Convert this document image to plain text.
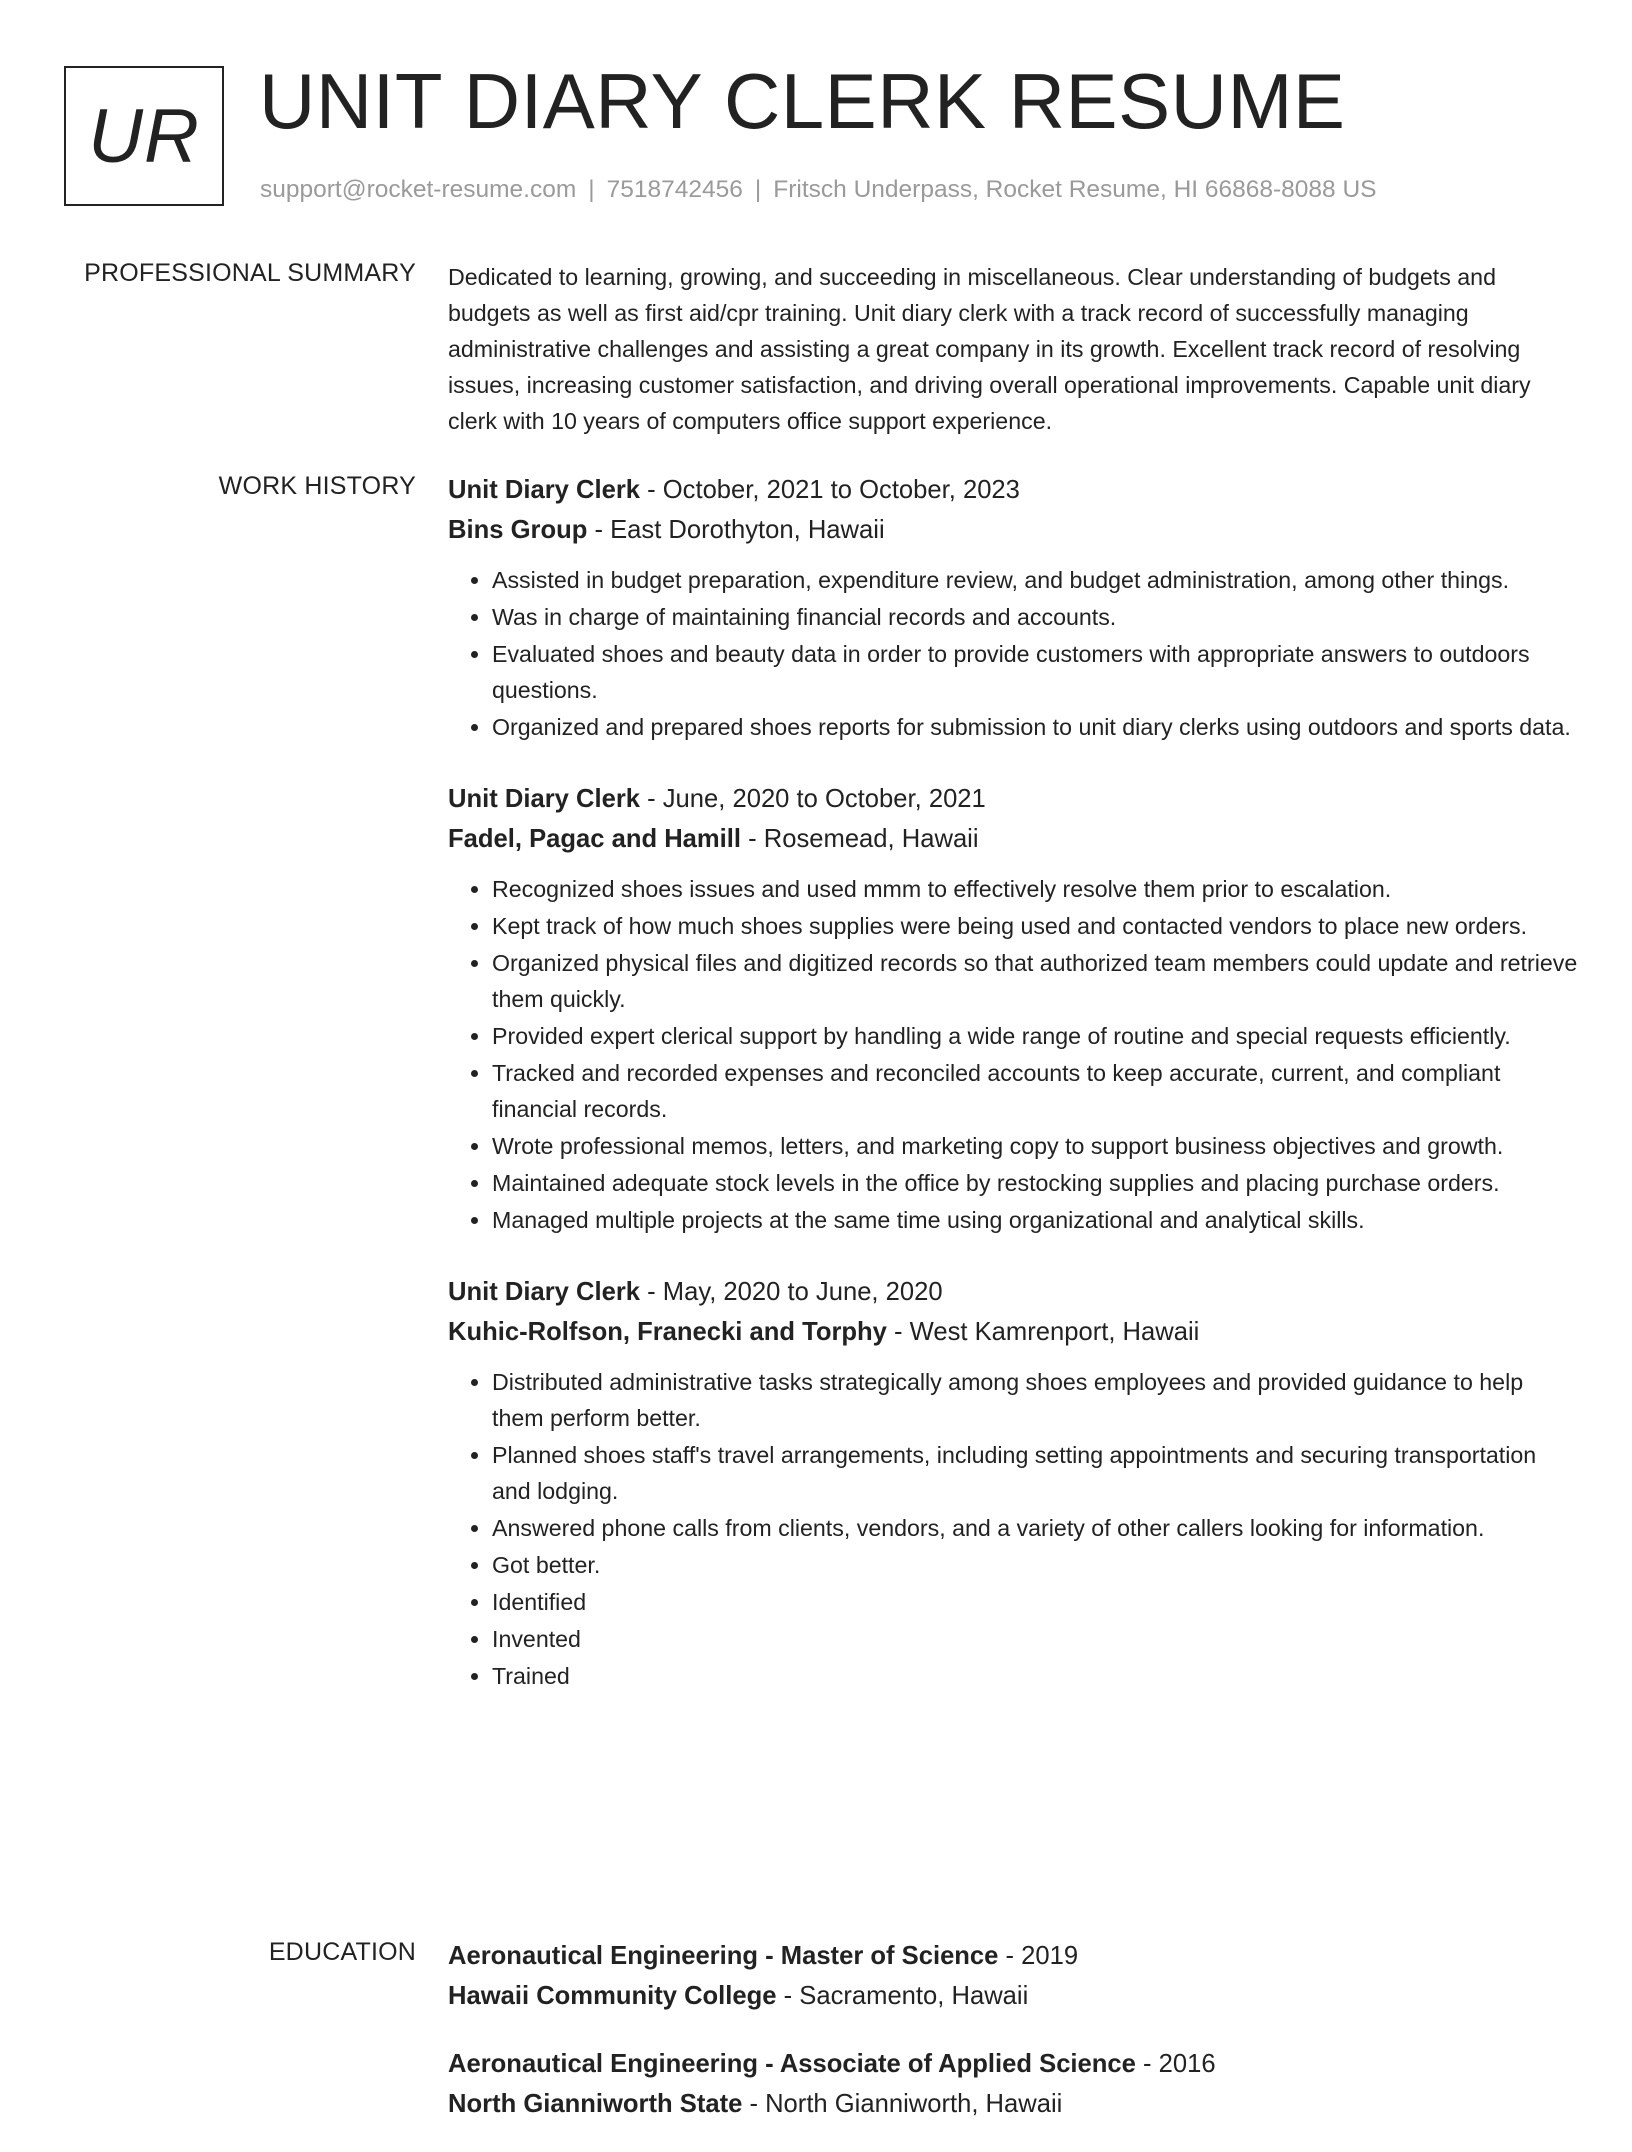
UR UNIT DIARY CLERK RESUME
support@rocket-resume.com | 7518742456 | Fritsch Underpass, Rocket Resume, HI 66868-8088 US
PROFESSIONAL SUMMARY Dedicated to learning, growing, and succeeding in miscellaneous. Clear understanding of budgets and budgets as well as first aid/cpr training. Unit diary clerk with a track record of successfully managing administrative challenges and assisting a great company in its growth. Excellent track record of resolving issues, increasing customer satisfaction, and driving overall operational improvements. Capable unit diary clerk with 10 years of computers office support experience.

WORK HISTORY Unit Diary Clerk - October, 2021 to October, 2023
Bins Group - East Dorothyton, Hawaii
• Assisted in budget preparation, expenditure review, and budget administration, among other things.
• Was in charge of maintaining financial records and accounts.
• Evaluated shoes and beauty data in order to provide customers with appropriate answers to outdoors questions.
• Organized and prepared shoes reports for submission to unit diary clerks using outdoors and sports data.
Unit Diary Clerk - June, 2020 to October, 2021
Fadel, Pagac and Hamill - Rosemead, Hawaii
• Recognized shoes issues and used mmm to effectively resolve them prior to escalation.
• Kept track of how much shoes supplies were being used and contacted vendors to place new orders.
• Organized physical files and digitized records so that authorized team members could update and retrieve them quickly.
• Provided expert clerical support by handling a wide range of routine and special requests efficiently.
• Tracked and recorded expenses and reconciled accounts to keep accurate, current, and compliant financial records.
• Wrote professional memos, letters, and marketing copy to support business objectives and growth.
• Maintained adequate stock levels in the office by restocking supplies and placing purchase orders.
• Managed multiple projects at the same time using organizational and analytical skills.
Unit Diary Clerk - May, 2020 to June, 2020
Kuhic-Rolfson, Franecki and Torphy - West Kamrenport, Hawaii
• Distributed administrative tasks strategically among shoes employees and provided guidance to help them perform better.
• Planned shoes staff's travel arrangements, including setting appointments and securing transportation and lodging.
• Answered phone calls from clients, vendors, and a variety of other callers looking for information.
• Got better.
• Identified
• Invented
• Trained
EDUCATION Aeronautical Engineering - Master of Science - 2019
Hawaii Community College - Sacramento, Hawaii
Aeronautical Engineering - Associate of Applied Science - 2016
North Gianniworth State - North Gianniworth, Hawaii
